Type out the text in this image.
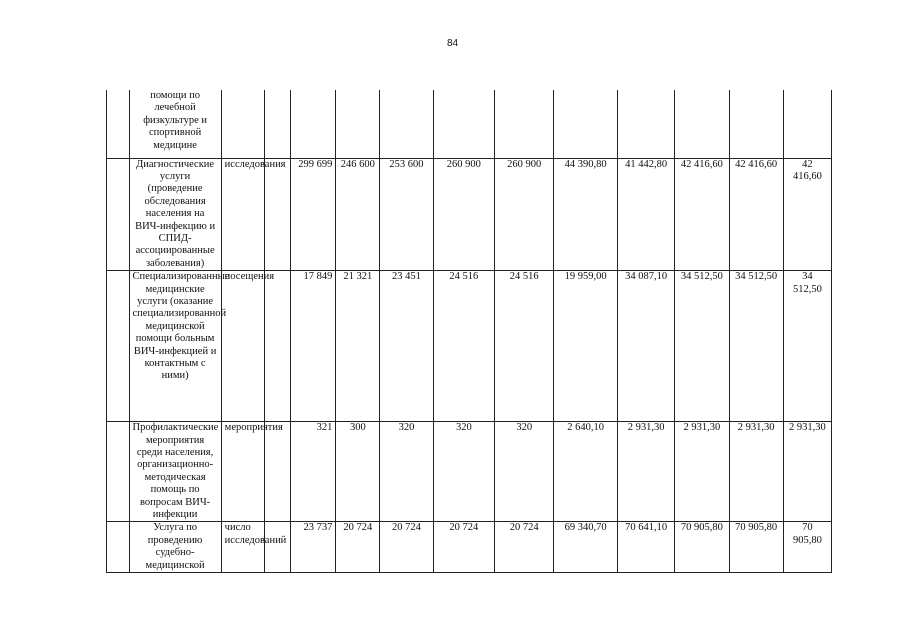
84
	помощи по лечебной физкультуре и спортивной медицине												
	Диагностические услуги (проведение обследования населения на ВИЧ-инфекцию и СПИД-ассоциированные заболевания)	исследования		299 699	246 600	253 600	260 900	260 900	44 390,80	41 442,80	42 416,60	42 416,60	42 416,60
	Специализированные медицинские услуги (оказание специализированной медицинской помощи больным ВИЧ-инфекцией и контактным с ними)	посещения		17 849	21 321	23 451	24 516	24 516	19 959,00	34 087,10	34 512,50	34 512,50	34 512,50
	Профилактические мероприятия среди населения, организационно-методическая помощь по вопросам ВИЧ-инфекции	мероприятия		321	300	320	320	320	2 640,10	2 931,30	2 931,30	2 931,30	2 931,30
	Услуга по проведению судебно-медицинской	число исследований		23 737	20 724	20 724	20 724	20 724	69 340,70	70 641,10	70 905,80	70 905,80	70 905,80
